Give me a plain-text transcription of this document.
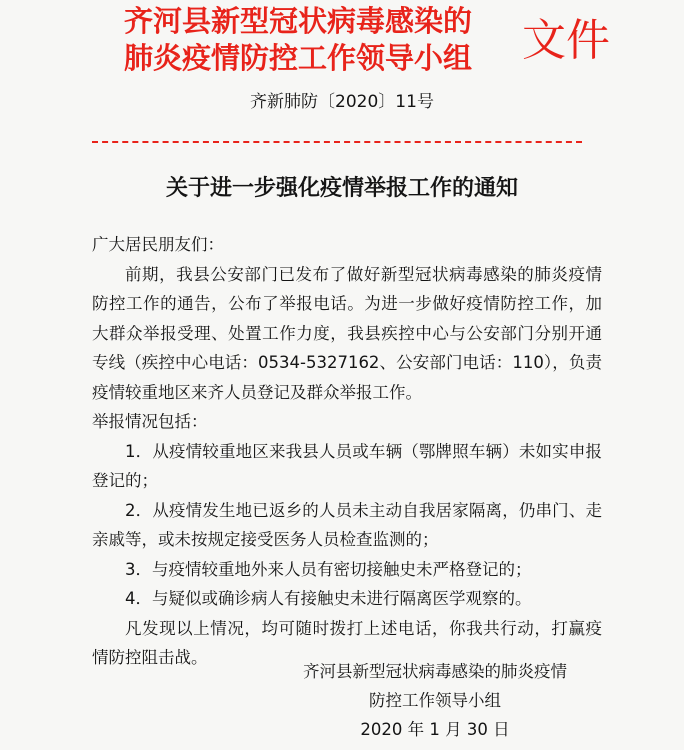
齐河县新型冠状病毒感染的
肺炎疫情防控工作领导小组	文件
齐新肺防〔2020〕11号
关于进一步强化疫情举报工作的通知

广大居民朋友们：

前期，我县公安部门已发布了做好新型冠状病毒感染的肺炎疫情防控工作的通告，公布了举报电话。为进一步做好疫情防控工作，加大群众举报受理、处置工作力度，我县疾控中心与公安部门分别开通专线（疾控中心电话：0534-5327162、公安部门电话：110），负责疫情较重地区来齐人员登记及群众举报工作。

举报情况包括：

1．从疫情较重地区来我县人员或车辆（鄂牌照车辆）未如实申报登记的；

2．从疫情发生地已返乡的人员未主动自我居家隔离，仍串门、走亲戚等，或未按规定接受医务人员检查监测的；

3．与疫情较重地外来人员有密切接触史未严格登记的；

4．与疑似或确诊病人有接触史未进行隔离医学观察的。

凡发现以上情况，均可随时拨打上述电话，你我共行动，打赢疫情防控阻击战。

齐河县新型冠状病毒感染的肺炎疫情
防控工作领导小组
2020 年 1 月 30 日
